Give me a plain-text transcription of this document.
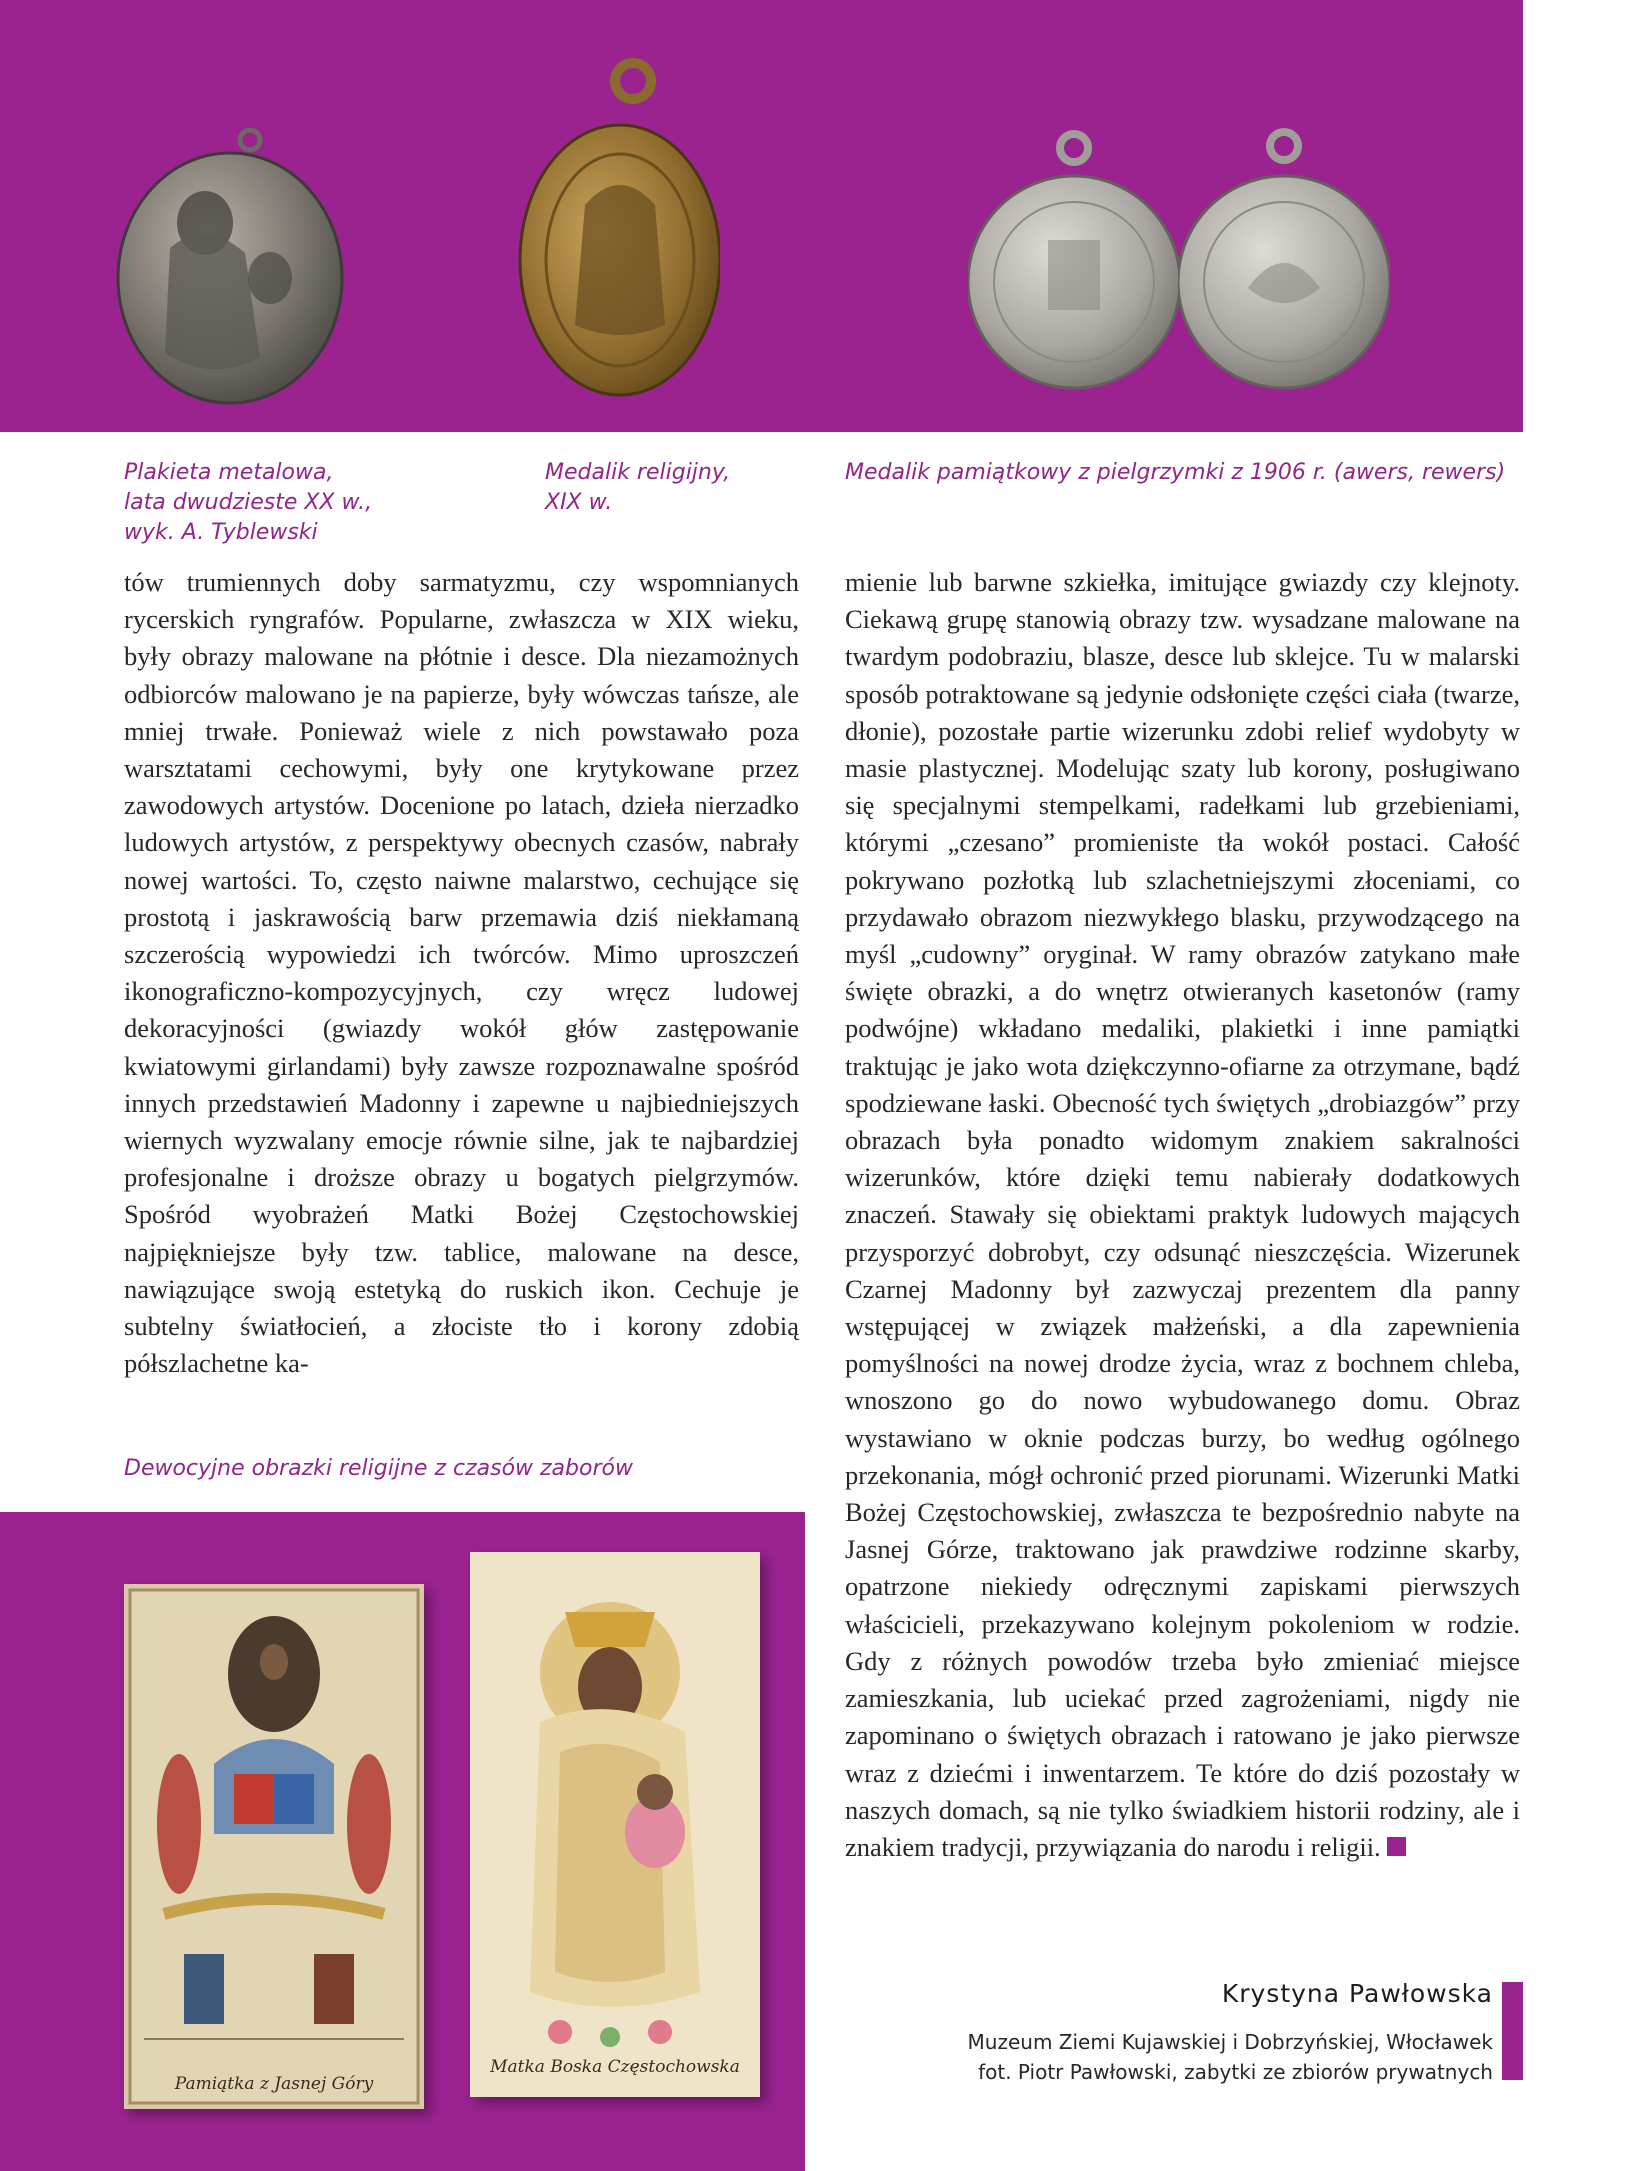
Plakieta metalowa,
lata dwudzieste XX w.,
wyk. A. Tyblewski
Medalik religijny,
XIX w.
Medalik pamiątkowy z pielgrzymki z 1906 r. (awers, rewers)

tów trumiennych doby sarmatyzmu, czy wspomnianych rycerskich ryngrafów. Popularne, zwłaszcza w XIX wieku, były obrazy malowane na płótnie i desce. Dla niezamożnych odbiorców malowano je na papierze, były wówczas tańsze, ale mniej trwałe. Ponieważ wiele z nich powstawało poza warsztatami cechowymi, były one krytykowane przez zawodowych artystów. Docenione po latach, dzieła nierzadko ludowych artystów, z perspektywy obecnych czasów, nabrały nowej wartości. To, często naiwne malarstwo, cechujące się prostotą i jaskrawością barw przemawia dziś niekłamaną szczerością wypowiedzi ich twórców. Mimo uproszczeń ikonograficzno-kompozycyjnych, czy wręcz ludowej dekoracyjności (gwiazdy wokół głów zastępowanie kwiatowymi girlandami) były zawsze rozpoznawalne spośród innych przedstawień Madonny i zapewne u najbiedniejszych wiernych wyzwalany emocje równie silne, jak te najbardziej profesjonalne i droższe obrazy u bogatych pielgrzymów. Spośród wyobrażeń Matki Bożej Częstochowskiej najpiękniejsze były tzw. tablice, malowane na desce, nawiązujące swoją estetyką do ruskich ikon. Cechuje je subtelny światłocień, a złociste tło i korony zdobią półszlachetne ka-

mienie lub barwne szkiełka, imitujące gwiazdy czy klejnoty. Ciekawą grupę stanowią obrazy tzw. wysadzane malowane na twardym podobraziu, blasze, desce lub sklejce. Tu w malarski sposób potraktowane są jedynie odsłonięte części ciała (twarze, dłonie), pozostałe partie wizerunku zdobi relief wydobyty w masie plastycznej. Modelując szaty lub korony, posługiwano się specjalnymi stempelkami, radełkami lub grzebieniami, którymi „czesano” promieniste tła wokół postaci. Całość pokrywano pozłotką lub szlachetniejszymi złoceniami, co przydawało obrazom niezwykłego blasku, przywodzącego na myśl „cudowny” oryginał. W ramy obrazów zatykano małe święte obrazki, a do wnętrz otwieranych kasetonów (ramy podwójne) wkładano medaliki, plakietki i inne pamiątki traktując je jako wota dziękczynno-ofiarne za otrzymane, bądź spodziewane łaski. Obecność tych świętych „drobiazgów” przy obrazach była ponadto widomym znakiem sakralności wizerunków, które dzięki temu nabierały dodatkowych znaczeń. Stawały się obiektami praktyk ludowych mających przysporzyć dobrobyt, czy odsunąć nieszczęścia. Wizerunek Czarnej Madonny był zazwyczaj prezentem dla panny wstępującej w związek małżeński, a dla zapewnienia pomyślności na nowej drodze życia, wraz z bochnem chleba, wnoszono go do nowo wybudowanego domu. Obraz wystawiano w oknie podczas burzy, bo według ogólnego przekonania, mógł ochronić przed piorunami. Wizerunki Matki Bożej Częstochowskiej, zwłaszcza te bezpośrednio nabyte na Jasnej Górze, traktowano jak prawdziwe rodzinne skarby, opatrzone niekiedy odręcznymi zapiskami pierwszych właścicieli, przekazywano kolejnym pokoleniom w rodzie. Gdy z różnych powodów trzeba było zmieniać miejsce zamieszkania, lub uciekać przed zagrożeniami, nigdy nie zapominano o świętych obrazach i ratowano je jako pierwsze wraz z dziećmi i inwentarzem. Te które do dziś pozostały w naszych domach, są nie tylko świadkiem historii rodziny, ale i znakiem tradycji, przywiązania do narodu i religii.

Dewocyjne obrazki religijne z czasów zaborów
Pamiątka z Jasnej Góry
Matka Boska Częstochowska
Krystyna Pawłowska
Muzeum Ziemi Kujawskiej i Dobrzyńskiej, Włocławek
fot. Piotr Pawłowski, zabytki ze zbiorów prywatnych
